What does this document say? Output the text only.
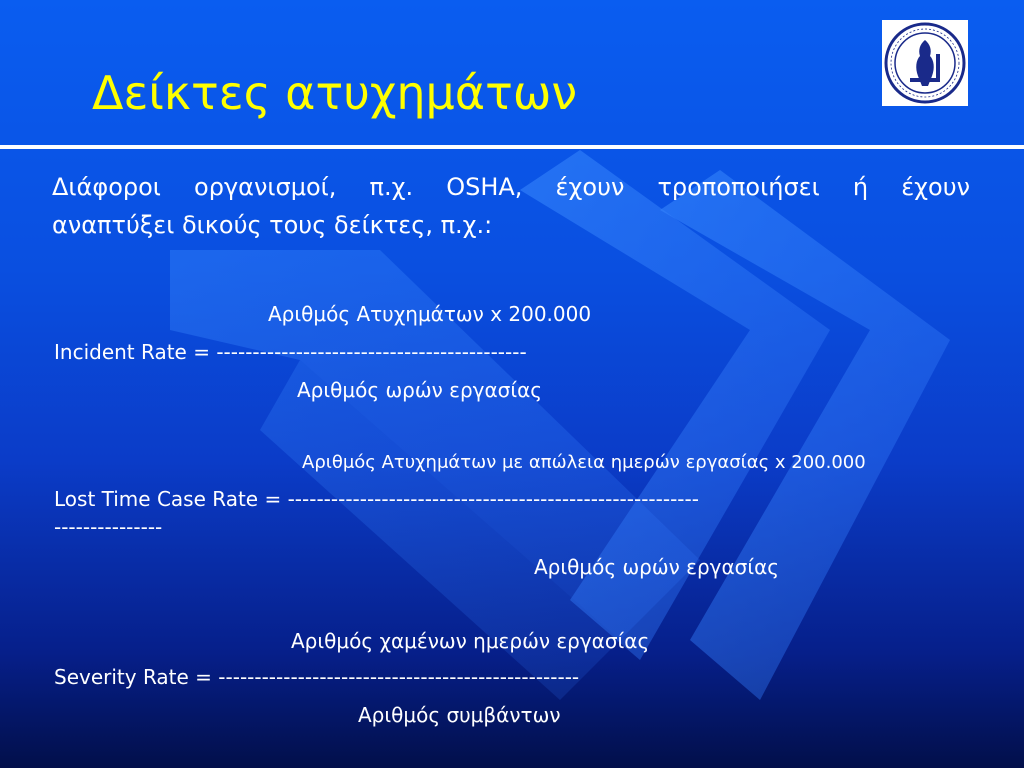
Δείκτες ατυχημάτων
Διάφοροι οργανισμοί, π.χ. OSHA, έχουν τροποποιήσει ή έχουν
αναπτύξει δικούς τους δείκτες, π.χ.:
Αριθμός Ατυχημάτων x 200.000
Incident Rate = -------------------------------------------
Αριθμός ωρών εργασίας
Αριθμός Ατυχημάτων με απώλεια ημερών εργασίας x 200.000
Lost Time Case Rate = ---------------------------------------------------------
---------------
Αριθμός ωρών εργασίας
Αριθμός χαμένων ημερών εργασίας
Severity Rate = --------------------------------------------------
Αριθμός συμβάντων
